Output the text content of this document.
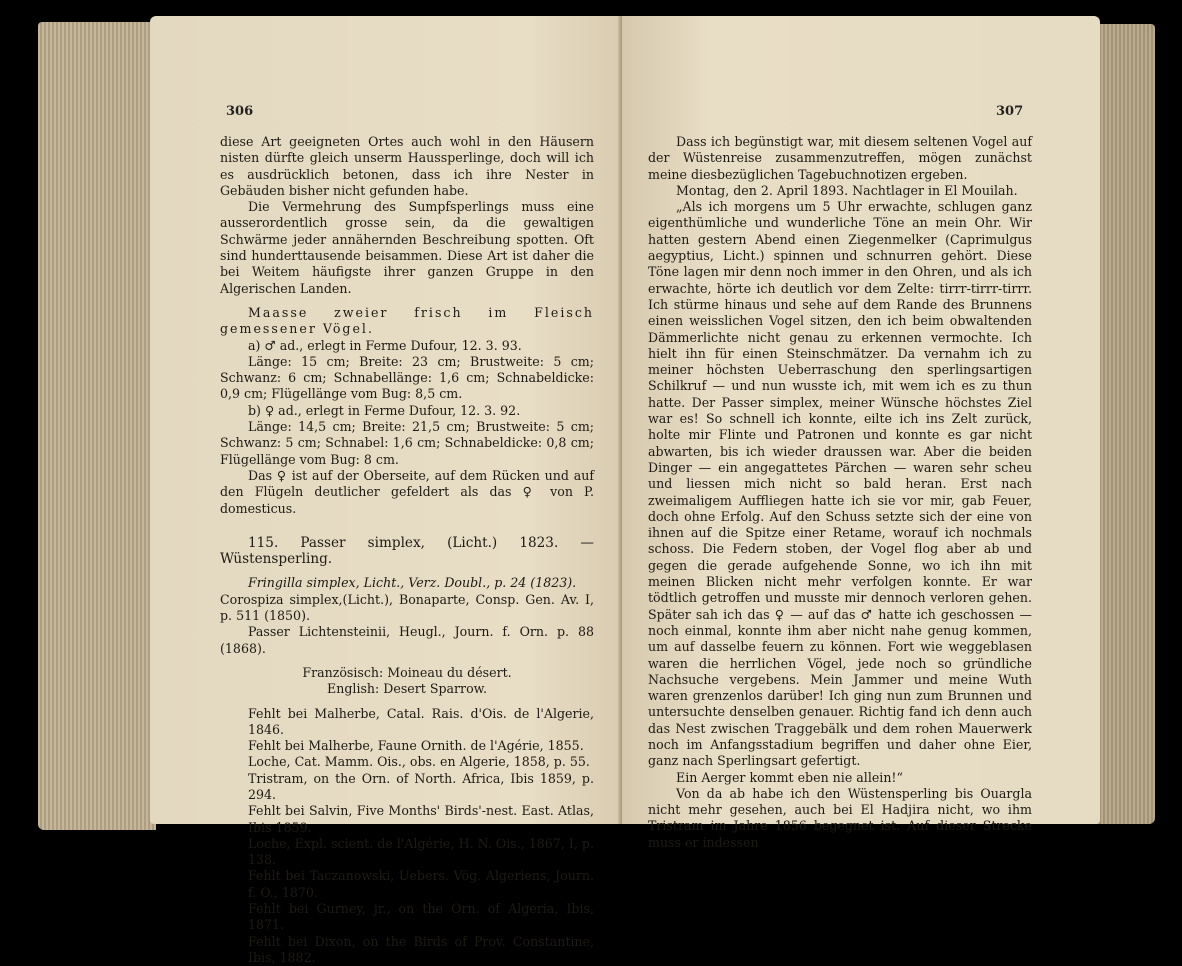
306

diese Art geeigneten Ortes auch wohl in den Häusern nisten dürfte gleich unserm Haussperlinge, doch will ich es ausdrücklich betonen, dass ich ihre Nester in Gebäuden bisher nicht gefunden habe.

Die Vermehrung des Sumpfsperlings muss eine ausserordentlich grosse sein, da die gewaltigen Schwärme jeder annähernden Beschreibung spotten. Oft sind hunderttausende beisammen. Diese Art ist daher die bei Weitem häufigste ihrer ganzen Gruppe in den Algerischen Landen.

Maasse zweier frisch im Fleisch gemessener Vögel.

a) ♂ ad., erlegt in Ferme Dufour, 12. 3. 93.

Länge: 15 cm; Breite: 23 cm; Brustweite: 5 cm; Schwanz: 6 cm; Schnabellänge: 1,6 cm; Schnabeldicke: 0,9 cm; Flügellänge vom Bug: 8,5 cm.

b) ♀ ad., erlegt in Ferme Dufour, 12. 3. 92.

Länge: 14,5 cm; Breite: 21,5 cm; Brustweite: 5 cm; Schwanz: 5 cm; Schnabel: 1,6 cm; Schnabeldicke: 0,8 cm; Flügellänge vom Bug: 8 cm.

Das ♀ ist auf der Oberseite, auf dem Rücken und auf den Flügeln deutlicher gefeldert als das ♀ von P. domesticus.

115. Passer simplex, (Licht.) 1823. — Wüstensperling.

Fringilla simplex, Licht., Verz. Doubl., p. 24 (1823).

Corospiza simplex,(Licht.), Bonaparte, Consp. Gen. Av. I, p. 511 (1850).

Passer Lichtensteinii, Heugl., Journ. f. Orn. p. 88 (1868).

Französisch: Moineau du désert.

English: Desert Sparrow.

Fehlt bei Malherbe, Catal. Rais. d'Ois. de l'Algerie, 1846.

Fehlt bei Malherbe, Faune Ornith. de l'Agérie, 1855.

Loche, Cat. Mamm. Ois., obs. en Algerie, 1858, p. 55.

Tristram, on the Orn. of North. Africa, Ibis 1859, p. 294.

Fehlt bei Salvin, Five Months' Birds'-nest. East. Atlas, Ibis 1859.

Loche, Expl. scient. de l'Algérie, H. N. Ois., 1867, I, p. 138.

Fehlt bei Taczanowski, Uebers. Vög. Algeriens, Journ. f. O., 1870.

Fehlt bei Gurney, jr., on the Orn. of Algeria, Ibis, 1871.

Fehlt bei Dixon, on the Birds of Prov. Constantine, Ibis, 1882.

307

Dass ich begünstigt war, mit diesem seltenen Vogel auf der Wüstenreise zusammenzutreffen, mögen zunächst meine diesbezüglichen Tagebuchnotizen ergeben.

Montag, den 2. April 1893. Nachtlager in El Mouilah.

„Als ich morgens um 5 Uhr erwachte, schlugen ganz eigenthümliche und wunderliche Töne an mein Ohr. Wir hatten gestern Abend einen Ziegenmelker (Caprimulgus aegyptius, Licht.) spinnen und schnurren gehört. Diese Töne lagen mir denn noch immer in den Ohren, und als ich erwachte, hörte ich deutlich vor dem Zelte: tirrr-tirrr-tirrr. Ich stürme hinaus und sehe auf dem Rande des Brunnens einen weisslichen Vogel sitzen, den ich beim obwaltenden Dämmerlichte nicht genau zu erkennen vermochte. Ich hielt ihn für einen Steinschmätzer. Da vernahm ich zu meiner höchsten Ueberraschung den sperlingsartigen Schilkruf — und nun wusste ich, mit wem ich es zu thun hatte. Der Passer simplex, meiner Wünsche höchstes Ziel war es! So schnell ich konnte, eilte ich ins Zelt zurück, holte mir Flinte und Patronen und konnte es gar nicht abwarten, bis ich wieder draussen war. Aber die beiden Dinger — ein angegattetes Pärchen — waren sehr scheu und liessen mich nicht so bald heran. Erst nach zweimaligem Auffliegen hatte ich sie vor mir, gab Feuer, doch ohne Erfolg. Auf den Schuss setzte sich der eine von ihnen auf die Spitze einer Retame, worauf ich nochmals schoss. Die Federn stoben, der Vogel flog aber ab und gegen die gerade aufgehende Sonne, wo ich ihn mit meinen Blicken nicht mehr verfolgen konnte. Er war tödtlich getroffen und musste mir dennoch verloren gehen. Später sah ich das ♀ — auf das ♂ hatte ich geschossen — noch einmal, konnte ihm aber nicht nahe genug kommen, um auf dasselbe feuern zu können. Fort wie weggeblasen waren die herrlichen Vögel, jede noch so gründliche Nachsuche vergebens. Mein Jammer und meine Wuth waren grenzenlos darüber! Ich ging nun zum Brunnen und untersuchte denselben genauer. Richtig fand ich denn auch das Nest zwischen Traggebälk und dem rohen Mauerwerk noch im Anfangsstadium begriffen und daher ohne Eier, ganz nach Sperlingsart gefertigt.

Ein Aerger kommt eben nie allein!“

Von da ab habe ich den Wüstensperling bis Ouargla nicht mehr gesehen, auch bei El Hadjira nicht, wo ihm Tristram im Jahre 1856 begegnet ist. Auf dieser Strecke muss er indessen
